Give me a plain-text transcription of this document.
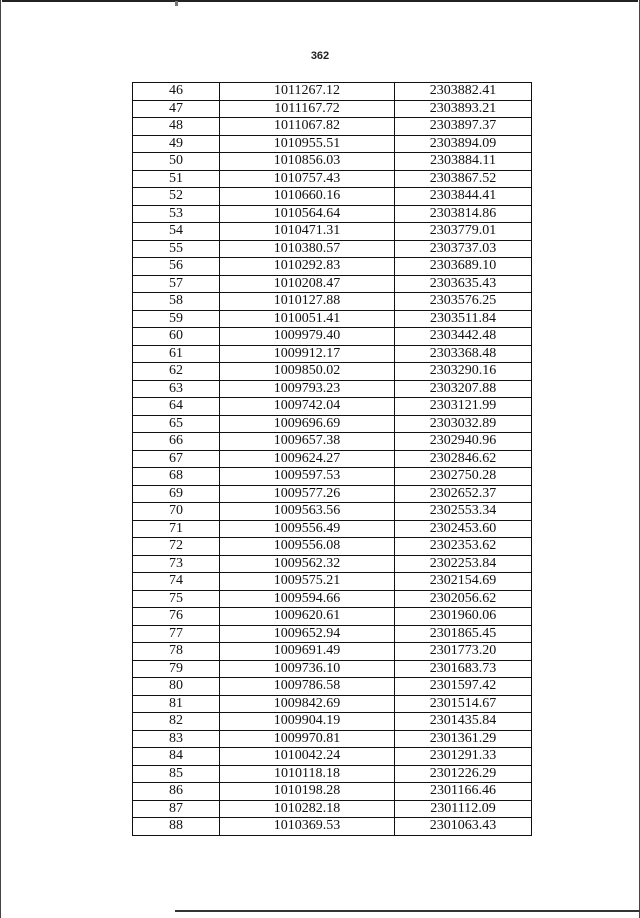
362
46	1011267.12	2303882.41
47	1011167.72	2303893.21
48	1011067.82	2303897.37
49	1010955.51	2303894.09
50	1010856.03	2303884.11
51	1010757.43	2303867.52
52	1010660.16	2303844.41
53	1010564.64	2303814.86
54	1010471.31	2303779.01
55	1010380.57	2303737.03
56	1010292.83	2303689.10
57	1010208.47	2303635.43
58	1010127.88	2303576.25
59	1010051.41	2303511.84
60	1009979.40	2303442.48
61	1009912.17	2303368.48
62	1009850.02	2303290.16
63	1009793.23	2303207.88
64	1009742.04	2303121.99
65	1009696.69	2303032.89
66	1009657.38	2302940.96
67	1009624.27	2302846.62
68	1009597.53	2302750.28
69	1009577.26	2302652.37
70	1009563.56	2302553.34
71	1009556.49	2302453.60
72	1009556.08	2302353.62
73	1009562.32	2302253.84
74	1009575.21	2302154.69
75	1009594.66	2302056.62
76	1009620.61	2301960.06
77	1009652.94	2301865.45
78	1009691.49	2301773.20
79	1009736.10	2301683.73
80	1009786.58	2301597.42
81	1009842.69	2301514.67
82	1009904.19	2301435.84
83	1009970.81	2301361.29
84	1010042.24	2301291.33
85	1010118.18	2301226.29
86	1010198.28	2301166.46
87	1010282.18	2301112.09
88	1010369.53	2301063.43
